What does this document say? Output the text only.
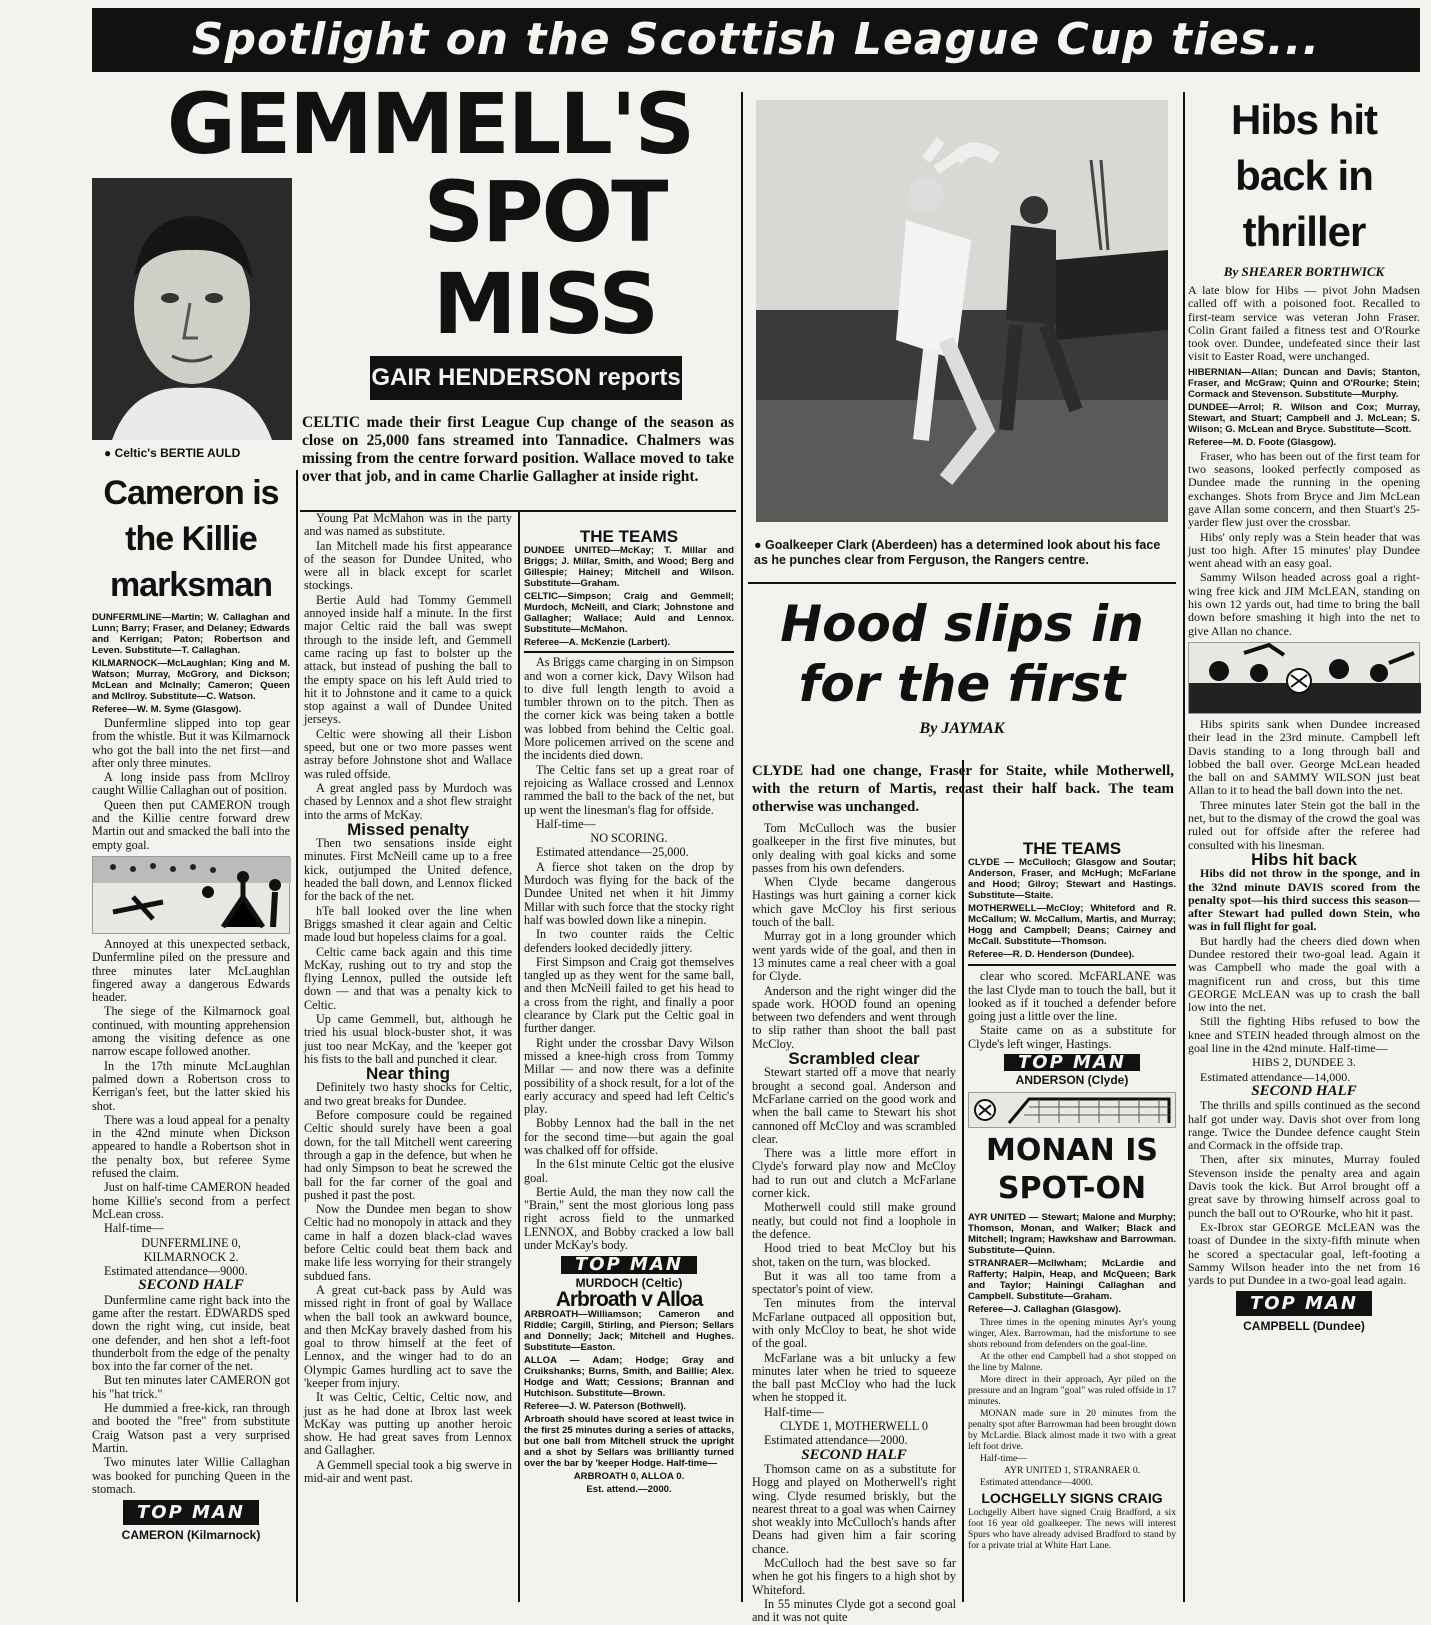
Spotlight on the Scottish League Cup ties...
GEMMELL'S
SPOT
MISS
● Celtic's BERTIE AULD
GAIR HENDERSON reports

CELTIC made their first League Cup change of the season as close on 25,000 fans streamed into Tannadice. Chalmers was missing from the centre forward position. Wallace moved to take over that job, and in came Charlie Gallagher at inside right.

Young Pat McMahon was in the party and was named as substitute.

Ian Mitchell made his first appearance of the season for Dundee United, who were all in black except for scarlet stockings.

Bertie Auld had Tommy Gemmell annoyed inside half a minute. In the first major Celtic raid the ball was swept through to the inside left, and Gemmell came racing up fast to bolster up the attack, but instead of pushing the ball to the empty space on his left Auld tried to hit it to Johnstone and it came to a quick stop against a wall of Dundee United jerseys.

Celtic were showing all their Lisbon speed, but one or two more passes went astray before Johnstone shot and Wallace was ruled offside.

A great angled pass by Murdoch was chased by Lennox and a shot flew straight into the arms of McKay.

Missed penalty

Then two sensations inside eight minutes. First McNeill came up to a free kick, outjumped the United defence, headed the ball down, and Lennox flicked for the back of the net.

hTe ball looked over the line when Briggs smashed it clear again and Celtic made loud but hopeless claims for a goal.

Celtic came back again and this time McKay, rushing out to try and stop the flying Lennox, pulled the outside left down — and that was a penalty kick to Celtic.

Up came Gemmell, but, although he tried his usual block-buster shot, it was just too near McKay, and the 'keeper got his fists to the ball and punched it clear.

Near thing

Definitely two hasty shocks for Celtic, and two great breaks for Dundee.

Before composure could be regained Celtic should surely have been a goal down, for the tall Mitchell went careering through a gap in the defence, but when he had only Simpson to beat he screwed the ball for the far corner of the goal and pushed it past the post.

Now the Dundee men began to show Celtic had no monopoly in attack and they came in half a dozen black-clad waves before Celtic could beat them back and make life less worrying for their strangely subdued fans.

A great cut-back pass by Auld was missed right in front of goal by Wallace when the ball took an awkward bounce, and then McKay bravely dashed from his goal to throw himself at the feet of Lennox, and the winger had to do an Olympic Games hurdling act to save the 'keeper from injury.

It was Celtic, Celtic, Celtic now, and just as he had done at Ibrox last week McKay was putting up another heroic show. He had great saves from Lennox and Gallagher.

A Gemmell special took a big swerve in mid-air and went past.

THE TEAMS

DUNDEE UNITED—McKay; T. Millar and Briggs; J. Millar, Smith, and Wood; Berg and Gillespie; Hainey; Mitchell and Wilson. Substitute—Graham.

CELTIC—Simpson; Craig and Gemmell; Murdoch, McNeill, and Clark; Johnstone and Gallagher; Wallace; Auld and Lennox. Substitute—McMahon.

Referee—A. McKenzie (Larbert).

As Briggs came charging in on Simpson and won a corner kick, Davy Wilson had to dive full length length to avoid a tumbler thrown on to the pitch. Then as the corner kick was being taken a bottle was lobbed from behind the Celtic goal. More policemen arrived on the scene and the incidents died down.

The Celtic fans set up a great roar of rejoicing as Wallace crossed and Lennox rammed the ball to the back of the net, but up went the linesman's flag for offside.

Half-time—

NO SCORING.

Estimated attendance—25,000.

A fierce shot taken on the drop by Murdoch was flying for the back of the Dundee United net when it hit Jimmy Millar with such force that the stocky right half was bowled down like a ninepin.

In two counter raids the Celtic defenders looked decidedly jittery.

First Simpson and Craig got themselves tangled up as they went for the same ball, and then McNeill failed to get his head to a cross from the right, and finally a poor clearance by Clark put the Celtic goal in further danger.

Right under the crossbar Davy Wilson missed a knee-high cross from Tommy Millar — and now there was a definite possibility of a shock result, for a lot of the early accuracy and speed had left Celtic's play.

Bobby Lennox had the ball in the net for the second time—but again the goal was chalked off for offside.

In the 61st minute Celtic got the elusive goal.

Bertie Auld, the man they now call the "Brain," sent the most glorious long pass right across field to the unmarked LENNOX, and Bobby cracked a low ball under McKay's body.

TOP MAN
MURDOCH (Celtic)
Arbroath v Alloa

ARBROATH—Williamson; Cameron and Riddle; Cargill, Stirling, and Pierson; Sellars and Donnelly; Jack; Mitchell and Hughes. Substitute—Easton.

ALLOA — Adam; Hodge; Gray and Cruikshanks; Burns, Smith, and Baillie; Alex. Hodge and Watt; Cessions; Brannan and Hutchison. Substitute—Brown.

Referee—J. W. Paterson (Bothwell).

Arbroath should have scored at least twice in the first 25 minutes during a series of attacks, but one ball from Mitchell struck the upright and a shot by Sellars was brilliantly turned over the bar by 'keeper Hodge. Half-time—

ARBROATH 0, ALLOA 0.

Est. attend.—2000.

Cameron is
the Killie
marksman

DUNFERMLINE—Martin; W. Callaghan and Lunn; Barry; Fraser, and Delaney; Edwards and Kerrigan; Paton; Robertson and Leven. Substitute—T. Callaghan.

KILMARNOCK—McLaughlan; King and M. Watson; Murray, McGrory, and Dickson; McLean and McInally; Cameron; Queen and McIlroy. Substitute—C. Watson.

Referee—W. M. Syme (Glasgow).

Dunfermline slipped into top gear from the whistle. But it was Kilmarnock who got the ball into the net first—and after only three minutes.

A long inside pass from McIlroy caught Willie Callaghan out of position.

Queen then put CAMERON trough and the Killie centre forward drew Martin out and smacked the ball into the empty goal.

Annoyed at this unexpected setback, Dunfermline piled on the pressure and three minutes later McLaughlan fingered away a dangerous Edwards header.

The siege of the Kilmarnock goal continued, with mounting apprehension among the visiting defence as one narrow escape followed another.

In the 17th minute McLaughlan palmed down a Robertson cross to Kerrigan's feet, but the latter skied his shot.

There was a loud appeal for a penalty in the 42nd minute when Dickson appeared to handle a Robertson shot in the penalty box, but referee Syme refused the claim.

Just on half-time CAMERON headed home Killie's second from a perfect McLean cross.

Half-time—

DUNFERMLINE 0,

KILMARNOCK 2.

Estimated attendance—9000.

SECOND HALF

Dunfermline came right back into the game after the restart. EDWARDS sped down the right wing, cut inside, beat one defender, and hen shot a left-foot thunderbolt from the edge of the penalty box into the far corner of the net.

But ten minutes later CAMERON got his "hat trick."

He dummied a free-kick, ran through and booted the "free" from substitute Craig Watson past a very surprised Martin.

Two minutes later Willie Callaghan was booked for punching Queen in the stomach.

TOP MAN
CAMERON (Kilmarnock)
● Goalkeeper Clark (Aberdeen) has a determined look about his face as he punches clear from Ferguson, the Rangers centre.
Hood slips in
for the first
By JAYMAK

CLYDE had one change, Fraser for Staite, while Motherwell, with the return of Martis, recast their half back. The team otherwise was unchanged.

Tom McCulloch was the busier goalkeeper in the first five minutes, but only dealing with goal kicks and some passes from his own defenders.

When Clyde became dangerous Hastings was hurt gaining a corner kick which gave McCloy his first serious touch of the ball.

Murray got in a long grounder which went yards wide of the goal, and then in 13 minutes came a real cheer with a goal for Clyde.

Anderson and the right winger did the spade work. HOOD found an opening between two defenders and went through to slip rather than shoot the ball past McCloy.

Scrambled clear

Stewart started off a move that nearly brought a second goal. Anderson and McFarlane carried on the good work and when the ball came to Stewart his shot cannoned off McCloy and was scrambled clear.

There was a little more effort in Clyde's forward play now and McCloy had to run out and clutch a McFarlane corner kick.

Motherwell could still make ground neatly, but could not find a loophole in the defence.

Hood tried to beat McCloy but his shot, taken on the turn, was blocked.

But it was all too tame from a spectator's point of view.

Ten minutes from the interval McFarlane outpaced all opposition but, with only McCloy to beat, he shot wide of the goal.

McFarlane was a bit unlucky a few minutes later when he tried to squeeze the ball past McCloy who had the luck when he stopped it.

Half-time—

CLYDE 1, MOTHERWELL 0

Estimated attendance—2000.

SECOND HALF

Thomson came on as a substitute for Hogg and played on Motherwell's right wing. Clyde resumed briskly, but the nearest threat to a goal was when Cairney shot weakly into McCulloch's hands after Deans had given him a fair scoring chance.

McCulloch had the best save so far when he got his fingers to a high shot by Whiteford.

In 55 minutes Clyde got a second goal and it was not quite

THE TEAMS

CLYDE — McCulloch; Glasgow and Soutar; Anderson, Fraser, and McHugh; McFarlane and Hood; Gilroy; Stewart and Hastings. Substitute—Staite.

MOTHERWELL—McCloy; Whiteford and R. McCallum; W. McCallum, Martis, and Murray; Hogg and Campbell; Deans; Cairney and McCall. Substitute—Thomson.

Referee—R. D. Henderson (Dundee).

clear who scored. McFARLANE was the last Clyde man to touch the ball, but it looked as if it touched a defender before going just a little over the line.

Staite came on as a substitute for Clyde's left winger, Hastings.

TOP MAN
ANDERSON (Clyde)
MONAN IS
SPOT-ON

AYR UNITED — Stewart; Malone and Murphy; Thomson, Monan, and Walker; Black and Mitchell; Ingram; Hawkshaw and Barrowman. Substitute—Quinn.

STRANRAER—McIlwham; McLardie and Rafferty; Halpin, Heap, and McQueen; Bark and Taylor; Hainingi Callaghan and Campbell. Substitute—Graham.

Referee—J. Callaghan (Glasgow).

Three times in the opening minutes Ayr's young winger, Alex. Barrowman, had the misfortune to see shots rebound from defenders on the goal-line.

At the other end Campbell had a shot stopped on the line by Malone.

More direct in their approach, Ayr piled on the pressure and an Ingram "goal" was ruled offside in 17 minutes.

MONAN made sure in 20 minutes from the penalty spot after Barrowman had been brought down by McLardie. Black almost made it two with a great left foot drive.

Half-time—

AYR UNITED 1, STRANRAER 0.

Estimated attendance—4000.

LOCHGELLY SIGNS CRAIG
Lochgelly Albert have signed Craig Bradford, a six foot 16 year old goalkeeper. The news will interest Spurs who have already advised Bradford to stand by for a private trial at White Hart Lane.
Hibs hit
back in
thriller
By SHEARER BORTHWICK

A late blow for Hibs — pivot John Madsen called off with a poisoned foot. Recalled to first-team service was veteran John Fraser. Colin Grant failed a fitness test and O'Rourke took over. Dundee, undefeated since their last visit to Easter Road, were unchanged.

HIBERNIAN—Allan; Duncan and Davis; Stanton, Fraser, and McGraw; Quinn and O'Rourke; Stein; Cormack and Stevenson. Substitute—Murphy.

DUNDEE—Arrol; R. Wilson and Cox; Murray, Stewart, and Stuart; Campbell and J. McLean; S. Wilson; G. McLean and Bryce. Substitute—Scott.

Referee—M. D. Foote (Glasgow).

Fraser, who has been out of the first team for two seasons, looked perfectly composed as Dundee made the running in the opening exchanges. Shots from Bryce and Jim McLean gave Allan some concern, and then Stuart's 25-yarder flew just over the crossbar.

Hibs' only reply was a Stein header that was just too high. After 15 minutes' play Dundee went ahead with an easy goal.

Sammy Wilson headed across goal a right-wing free kick and JIM McLEAN, standing on his own 12 yards out, had time to bring the ball down before smashing it high into the net to give Allan no chance.

Hibs spirits sank when Dundee increased their lead in the 23rd minute. Campbell left Davis standing to a long through ball and lobbed the ball over. George McLean headed the ball on and SAMMY WILSON just beat Allan to it to head the ball down into the net.

Three minutes later Stein got the ball in the net, but to the dismay of the crowd the goal was ruled out for offside after the referee had consulted with his linesman.

Hibs hit back

Hibs did not throw in the sponge, and in the 32nd minute DAVIS scored from the penalty spot—his third success this season—after Stewart had pulled down Stein, who was in full flight for goal.

But hardly had the cheers died down when Dundee restored their two-goal lead. Again it was Campbell who made the goal with a magnificent run and cross, but this time GEORGE McLEAN was up to crash the ball low into the net.

Still the fighting Hibs refused to bow the knee and STEIN headed through almost on the goal line in the 42nd minute. Half-time—

HIBS 2, DUNDEE 3.

Estimated attendance—14,000.

SECOND HALF

The thrills and spills continued as the second half got under way. Davis shot over from long range. Twice the Dundee defence caught Stein and Cormack in the offside trap.

Then, after six minutes, Murray fouled Stevenson inside the penalty area and again Davis took the kick. But Arrol brought off a great save by throwing himself across goal to punch the ball out to O'Rourke, who hit it past.

Ex-Ibrox star GEORGE McLEAN was the toast of Dundee in the sixty-fifth minute when he scored a spectacular goal, left-footing a Sammy Wilson header into the net from 16 yards to put Dundee in a two-goal lead again.

TOP MAN
CAMPBELL (Dundee)
